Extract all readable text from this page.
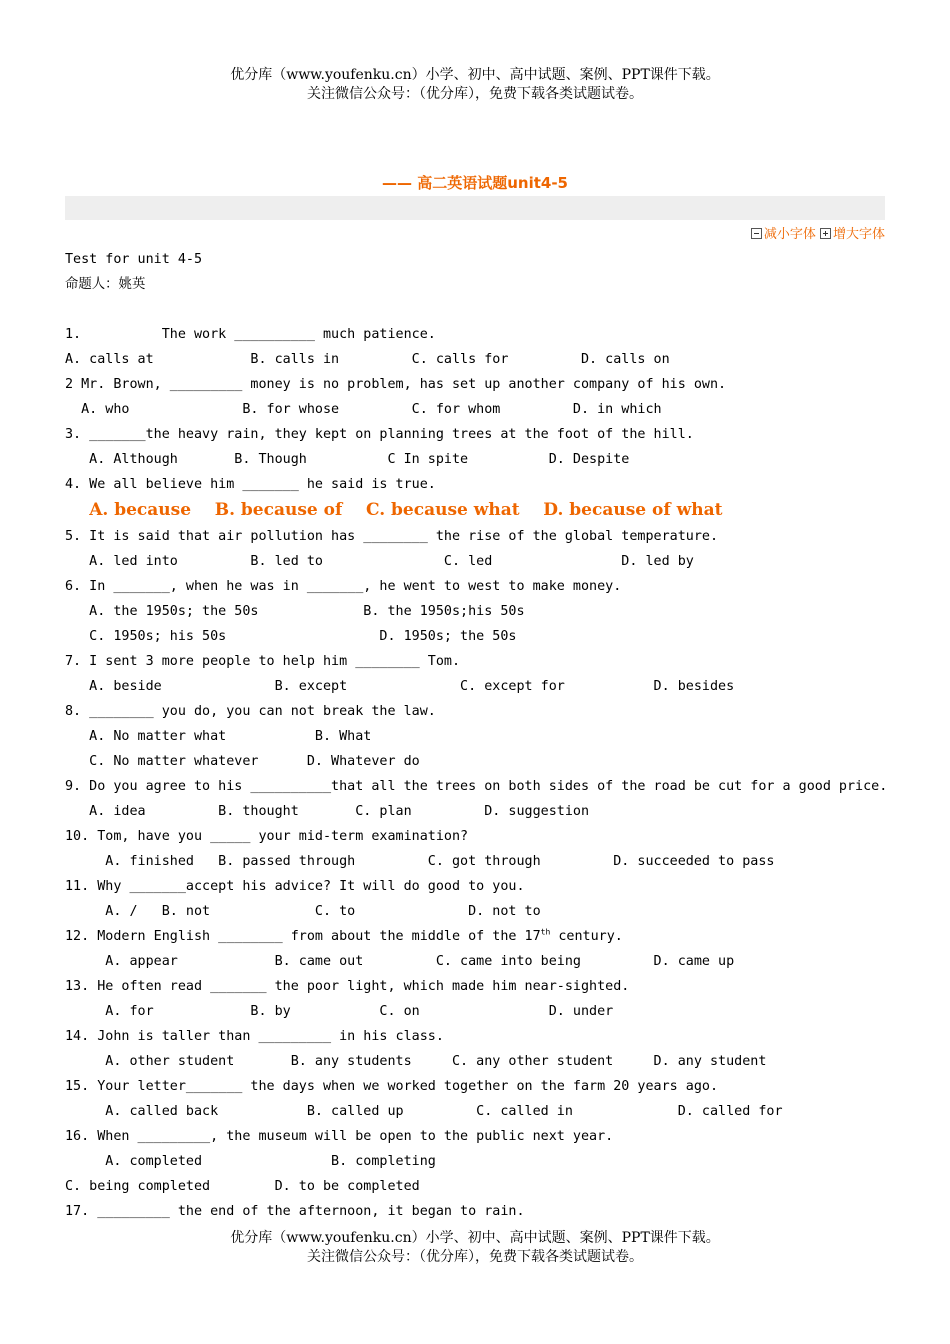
优分库（www.youfenku.cn）小学、初中、高中试题、案例、PPT课件下载。
关注微信公众号：（优分库），免费下载各类试题试卷。
—— 高二英语试题unit4-5
减小字体 增大字体
Test for unit 4-5
命题人：姚英
1.          The work __________ much patience.
A. calls at            B. calls in         C. calls for         D. calls on
2 Mr. Brown, _________ money is no problem, has set up another company of his own.
A. who              B. for whose         C. for whom         D. in which
3. _______the heavy rain, they kept on planning trees at the foot of the hill.
A. Although       B. Though          C In spite          D. Despite
4. We all believe him _______ he said is true.
A. because    B. because of    C. because what    D. because of what
5. It is said that air pollution has ________ the rise of the global temperature.
A. led into         B. led to               C. led                D. led by
6. In _______, when he was in _______, he went to west to make money.
A. the 1950s; the 50s             B. the 1950s;his 50s
C. 1950s; his 50s                   D. 1950s; the 50s
7. I sent 3 more people to help him ________ Tom.
A. beside              B. except              C. except for           D. besides
8. ________ you do, you can not break the law.
A. No matter what           B. What
C. No matter whatever      D. Whatever do
9. Do you agree to his __________that all the trees on both sides of the road be cut for a good price.
A. idea         B. thought       C. plan         D. suggestion
10. Tom, have you _____ your mid-term examination?
A. finished   B. passed through         C. got through         D. succeeded to pass
11. Why _______accept his advice? It will do good to you.
A. /   B. not             C. to              D. not to
12. Modern English ________ from about the middle of the 17th century.
A. appear            B. came out         C. came into being         D. came up
13. He often read _______ the poor light, which made him near-sighted.
A. for            B. by           C. on                D. under
14. John is taller than _________ in his class.
A. other student       B. any students     C. any other student     D. any student
15. Your letter_______ the days when we worked together on the farm 20 years ago.
A. called back           B. called up         C. called in             D. called for
16. When _________, the museum will be open to the public next year.
A. completed                B. completing
C. being completed        D. to be completed
17. _________ the end of the afternoon, it began to rain.
优分库（www.youfenku.cn）小学、初中、高中试题、案例、PPT课件下载。
关注微信公众号：（优分库），免费下载各类试题试卷。
